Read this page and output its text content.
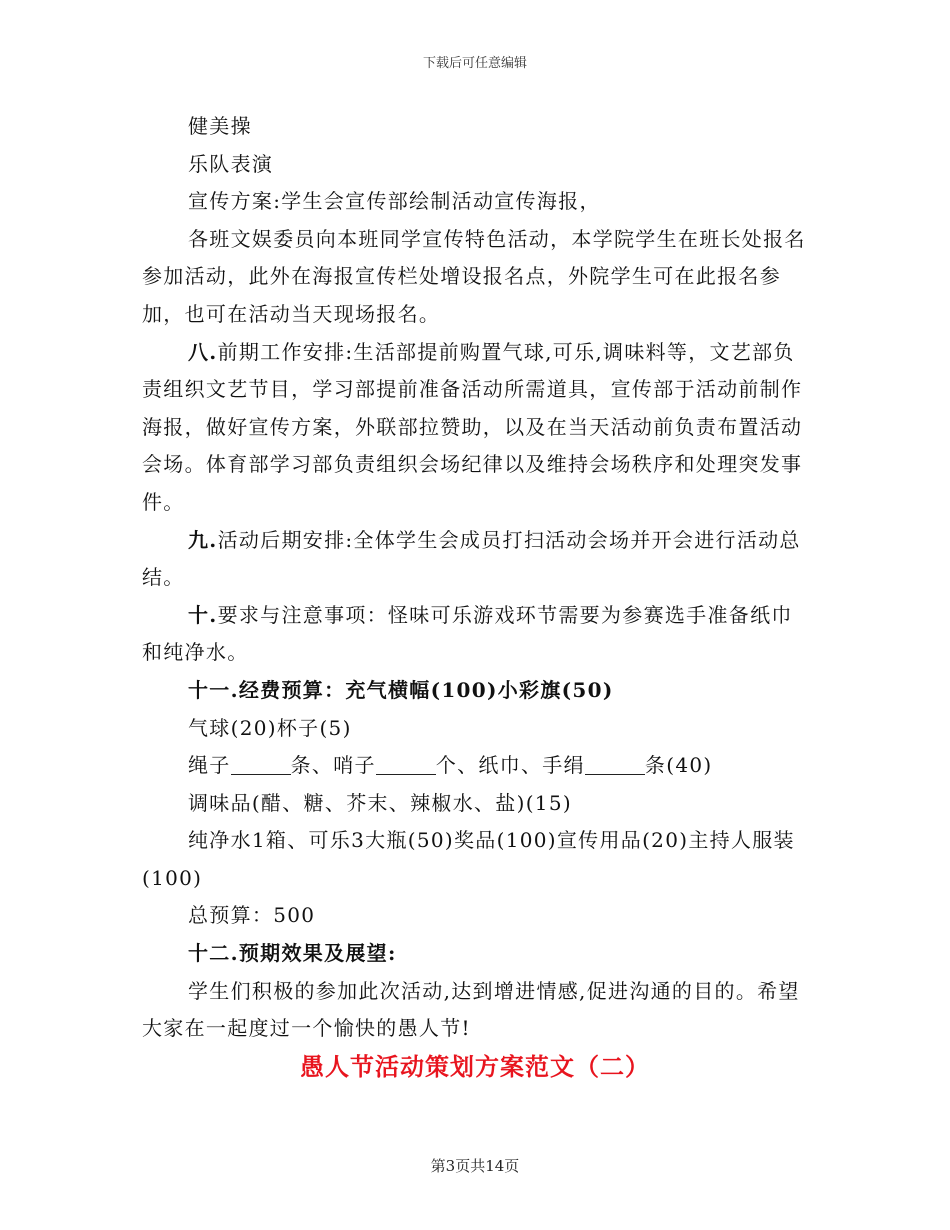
下载后可任意编辑

健美操

乐队表演

宣传方案:学生会宣传部绘制活动宣传海报，

各班文娱委员向本班同学宣传特色活动，本学院学生在班长处报名参加活动，此外在海报宣传栏处增设报名点，外院学生可在此报名参加，也可在活动当天现场报名。

八.前期工作安排:生活部提前购置气球,可乐,调味料等，文艺部负责组织文艺节目，学习部提前准备活动所需道具，宣传部于活动前制作海报，做好宣传方案，外联部拉赞助，以及在当天活动前负责布置活动会场。体育部学习部负责组织会场纪律以及维持会场秩序和处理突发事件。

九.活动后期安排:全体学生会成员打扫活动会场并开会进行活动总结。

十.要求与注意事项：怪味可乐游戏环节需要为参赛选手准备纸巾和纯净水。

十一.经费预算：充气横幅(100)小彩旗(50)

气球(20)杯子(5)

绳子	条、哨子	个、纸巾、手绢	条(40)

调味品(醋、糖、芥末、辣椒水、盐)(15)

纯净水1箱、可乐3大瓶(50)奖品(100)宣传用品(20)主持人服装(100)

总预算：500

十二.预期效果及展望:

学生们积极的参加此次活动,达到增进情感,促进沟通的目的。希望大家在一起度过一个愉快的愚人节!

愚人节活动策划方案范文（二）

第3页共14页
